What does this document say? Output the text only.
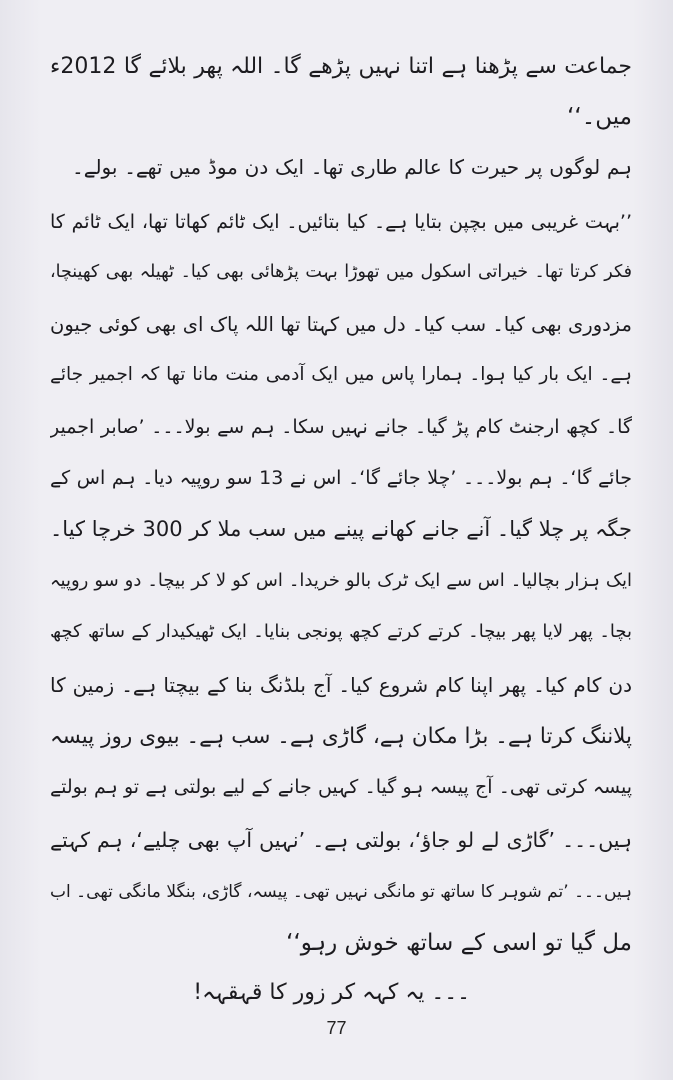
جماعت سے پڑھنا ہے اتنا نہیں پڑھے گا۔ اللہ پھر بلائے گا 2012ء
میں۔‘‘
ہم لوگوں پر حیرت کا عالم طاری تھا۔ ایک دن موڈ میں تھے۔ بولے۔
’’بہت غریبی میں بچپن بتایا ہے۔ کیا بتائیں۔ ایک ٹائم کھاتا تھا، ایک ٹائم کا
فکر کرتا تھا۔ خیراتی اسکول میں تھوڑا بہت پڑھائی بھی کیا۔ ٹھیلہ بھی کھینچا،
مزدوری بھی کیا۔ سب کیا۔ دل میں کہتا تھا اللہ پاک ای بھی کوئی جیون
ہے۔ ایک بار کیا ہوا۔ ہمارا پاس میں ایک آدمی منت مانا تھا کہ اجمیر جائے
گا۔ کچھ ارجنٹ کام پڑ گیا۔ جانے نہیں سکا۔ ہم سے بولا۔۔۔ ’صابر اجمیر
جائے گا‘۔ ہم بولا۔۔۔ ’چلا جائے گا‘۔ اس نے 13 سو روپیہ دیا۔ ہم اس کے
جگہ پر چلا گیا۔ آنے جانے کھانے پینے میں سب ملا کر 300 خرچا کیا۔
ایک ہزار بچالیا۔ اس سے ایک ٹرک بالو خریدا۔ اس کو لا کر بیچا۔ دو سو روپیہ
بچا۔ پھر لایا پھر بیچا۔ کرتے کرتے کچھ پونجی بنایا۔ ایک ٹھیکیدار کے ساتھ کچھ
دن کام کیا۔ پھر اپنا کام شروع کیا۔ آج بلڈنگ بنا کے بیچتا ہے۔ زمین کا
پلاننگ کرتا ہے۔ بڑا مکان ہے، گاڑی ہے۔ سب ہے۔ بیوی روز پیسہ
پیسہ کرتی تھی۔ آج پیسہ ہو گیا۔ کہیں جانے کے لیے بولتی ہے تو ہم بولتے
ہیں۔۔۔ ’گاڑی لے لو جاؤ‘، بولتی ہے۔ ’نہیں آپ بھی چلیے‘، ہم کہتے
ہیں۔۔۔ ’تم شوہر کا ساتھ تو مانگی نہیں تھی۔ پیسہ، گاڑی، بنگلا مانگی تھی۔ اب
مل گیا تو اسی کے ساتھ خوش رہو‘‘
۔۔۔ یہ کہہ کر زور کا قہقہہ!
77
